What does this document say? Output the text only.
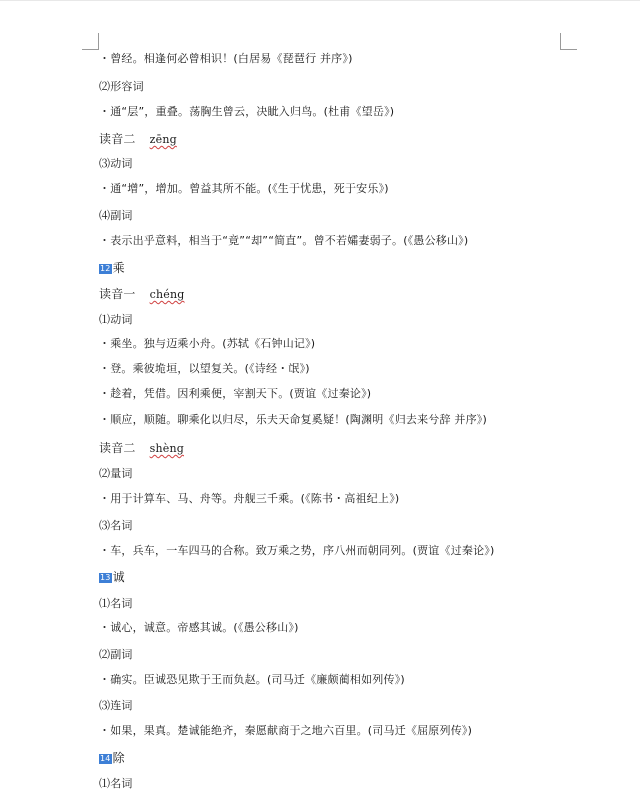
・曾经。相逢何必曾相识！(白居易《琵琶行 并序》)
⑵形容词
・通“层”，重叠。荡胸生曾云，决眦入归鸟。(杜甫《望岳》)
读音二 zēng
⑶动词
・通“增”，增加。曾益其所不能。(《生于忧患，死于安乐》)
⑷副词
・表示出乎意料，相当于“竟”“却”“简直”。曾不若孀妻弱子。(《愚公移山》)
12 乘
读音一 chéng
⑴动词
・乘坐。独与迈乘小舟。(苏轼《石钟山记》)
・登。乘彼垝垣，以望复关。(《诗经・氓》)
・趁着，凭借。因利乘便，宰割天下。(贾谊《过秦论》)
・顺应，顺随。聊乘化以归尽，乐夫天命复奚疑！(陶渊明《归去来兮辞 并序》)
读音二 shèng
⑵量词
・用于计算车、马、舟等。舟舰三千乘。(《陈书・高祖纪上》)
⑶名词
・车，兵车，一车四马的合称。致万乘之势，序八州而朝同列。(贾谊《过秦论》)
13 诚
⑴名词
・诚心，诚意。帝感其诚。(《愚公移山》)
⑵副词
・确实。臣诚恐见欺于王而负赵。(司马迁《廉颇蔺相如列传》)
⑶连词
・如果，果真。楚诚能绝齐，秦愿献商于之地六百里。(司马迁《屈原列传》)
14 除
⑴名词
